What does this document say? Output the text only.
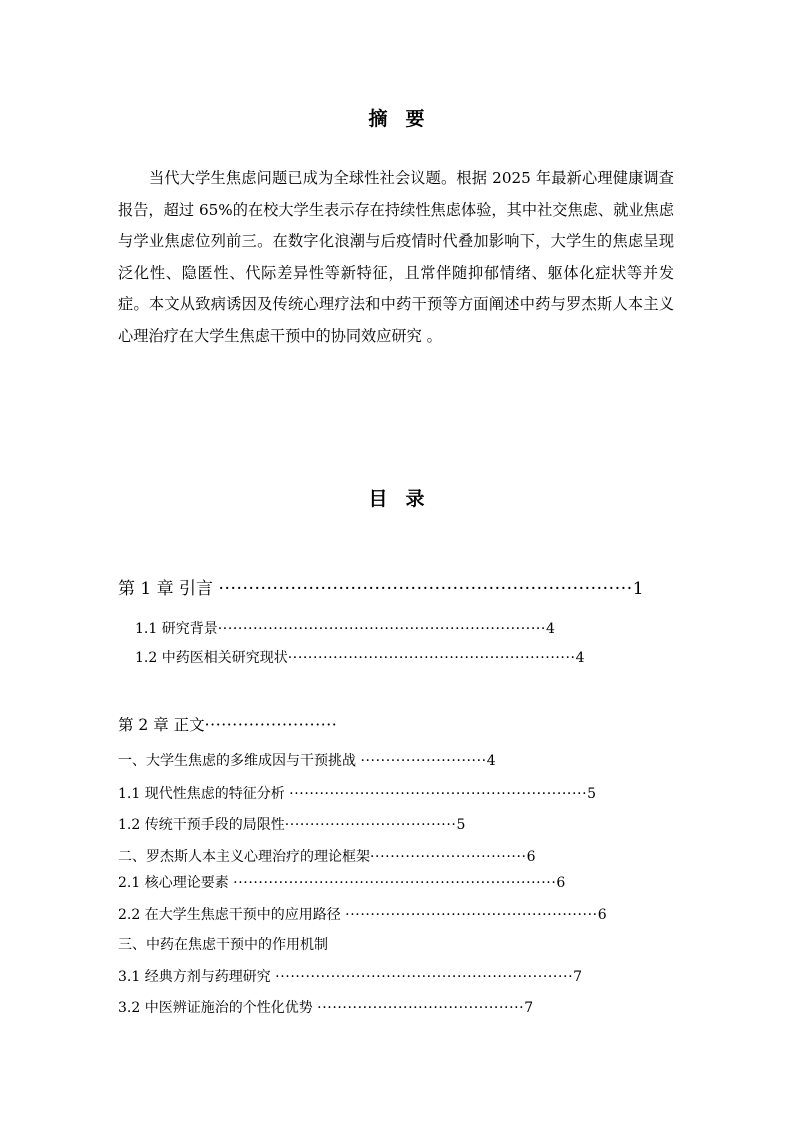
摘 要
当代大学生焦虑问题已成为全球性社会议题。根据 2025 年最新心理健康调查报告，超过 65%的在校大学生表示存在持续性焦虑体验，其中社交焦虑、就业焦虑与学业焦虑位列前三。在数字化浪潮与后疫情时代叠加影响下，大学生的焦虑呈现泛化性、隐匿性、代际差异性等新特征，且常伴随抑郁情绪、躯体化症状等并发症。本文从致病诱因及传统心理疗法和中药干预等方面阐述中药与罗杰斯人本主义心理治疗在大学生焦虑干预中的协同效应研究 。
目 录
第 1 章 引言 ·····································································1
1.1 研究背景·································································4
1.2 中药医相关研究现状·························································4
第 2 章 正文························
一、大学生焦虑的多维成因与干预挑战 ·························4
1.1 现代性焦虑的特征分析 ···························································5
1.2 传统干预手段的局限性··································5
二、罗杰斯人本主义心理治疗的理论框架·······························6
2.1 核心理论要素 ································································6
2.2 在大学生焦虑干预中的应用路径 ··················································6
三、中药在焦虑干预中的作用机制
3.1 经典方剂与药理研究 ···························································7
3.2 中医辨证施治的个性化优势 ·········································7
